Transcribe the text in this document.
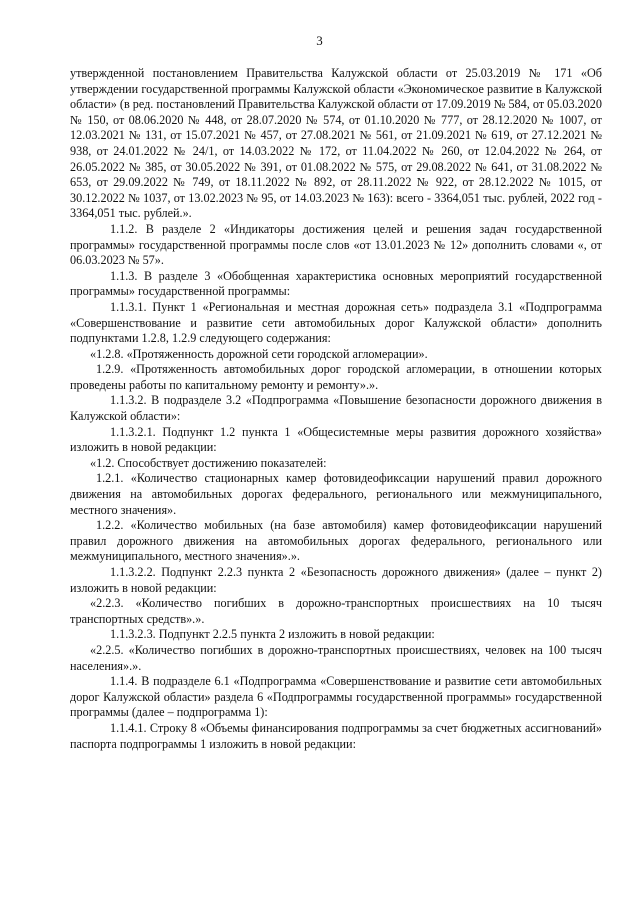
3

утвержденной постановлением Правительства Калужской области от 25.03.2019 № 171 «Об утверждении государственной программы Калужской области «Экономическое развитие в Калужской области» (в ред. постановлений Правительства Калужской области от 17.09.2019 № 584, от 05.03.2020 № 150, от 08.06.2020 № 448, от 28.07.2020 № 574, от 01.10.2020 № 777, от 28.12.2020 № 1007, от 12.03.2021 № 131, от 15.07.2021 № 457, от 27.08.2021 № 561, от 21.09.2021 № 619, от 27.12.2021 № 938, от 24.01.2022 № 24/1, от 14.03.2022 № 172, от 11.04.2022 № 260, от 12.04.2022 № 264, от 26.05.2022 № 385, от 30.05.2022 № 391, от 01.08.2022 № 575, от 29.08.2022 № 641, от 31.08.2022 № 653, от 29.09.2022 № 749, от 18.11.2022 № 892, от 28.11.2022 № 922, от 28.12.2022 № 1015, от 30.12.2022 № 1037, от 13.02.2023 № 95, от 14.03.2023 № 163): всего - 3364,051 тыс. рублей, 2022 год - 3364,051 тыс. рублей.».

1.1.2. В разделе 2 «Индикаторы достижения целей и решения задач государственной программы» государственной программы после слов «от 13.01.2023 № 12» дополнить словами «, от 06.03.2023 № 57».

1.1.3. В разделе 3 «Обобщенная характеристика основных мероприятий государственной программы» государственной программы:

1.1.3.1. Пункт 1 «Региональная и местная дорожная сеть» подраздела 3.1 «Подпрограмма «Совершенствование и развитие сети автомобильных дорог Калужской области» дополнить подпунктами 1.2.8, 1.2.9 следующего содержания:

«1.2.8. «Протяженность дорожной сети городской агломерации».

1.2.9. «Протяженность автомобильных дорог городской агломерации, в отношении которых проведены работы по капитальному ремонту и ремонту».».

1.1.3.2. В подразделе 3.2 «Подпрограмма «Повышение безопасности дорожного движения в Калужской области»:

1.1.3.2.1. Подпункт 1.2 пункта 1 «Общесистемные меры развития дорожного хозяйства» изложить в новой редакции:

«1.2. Способствует достижению показателей:

1.2.1. «Количество стационарных камер фотовидеофиксации нарушений правил дорожного движения на автомобильных дорогах федерального, регионального или межмуниципального, местного значения».

1.2.2. «Количество мобильных (на базе автомобиля) камер фотовидеофиксации нарушений правил дорожного движения на автомобильных дорогах федерального, регионального или межмуниципального, местного значения».».

1.1.3.2.2. Подпункт 2.2.3 пункта 2 «Безопасность дорожного движения» (далее – пункт 2) изложить в новой редакции:

«2.2.3. «Количество погибших в дорожно-транспортных происшествиях на 10 тысяч транспортных средств».».

1.1.3.2.3. Подпункт 2.2.5 пункта 2 изложить в новой редакции:

«2.2.5. «Количество погибших в дорожно-транспортных происшествиях, человек на 100 тысяч населения».».

1.1.4. В подразделе 6.1 «Подпрограмма «Совершенствование и развитие сети автомобильных дорог Калужской области» раздела 6 «Подпрограммы государственной программы» государственной программы (далее – подпрограмма 1):

1.1.4.1. Строку 8 «Объемы финансирования подпрограммы за счет бюджетных ассигнований» паспорта подпрограммы 1 изложить в новой редакции:
